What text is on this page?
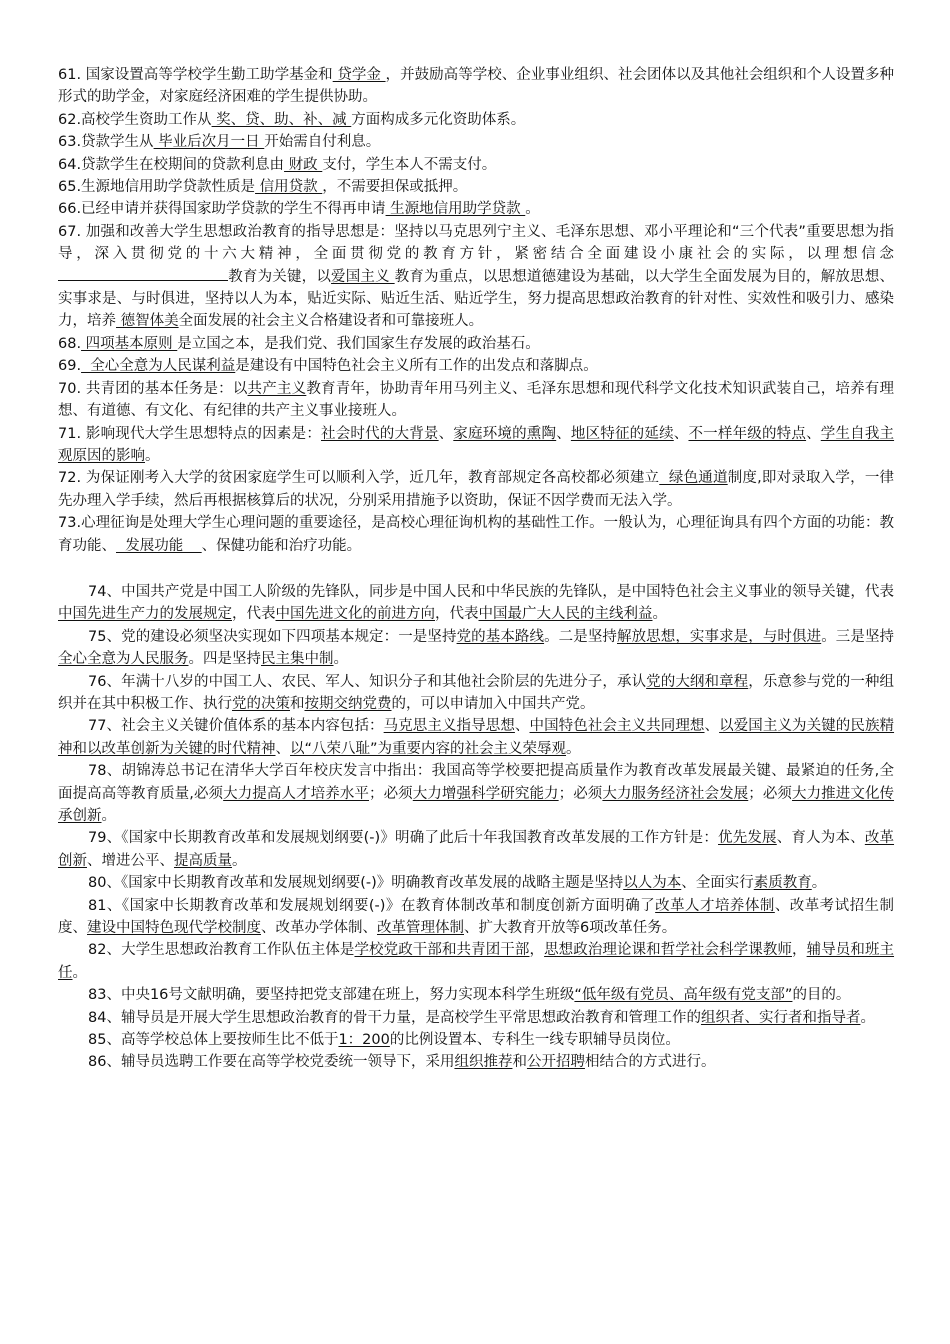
61. 国家设置高等学校学生勤工助学基金和 贷学金 ，并鼓励高等学校、企业事业组织、社会团体以及其他社会组织和个人设置多种形式的助学金，对家庭经济困难的学生提供协助。

62.高校学生资助工作从 奖、贷、助、补、减 方面构成多元化资助体系。

63.贷款学生从 毕业后次月一日 开始需自付利息。

64.贷款学生在校期间的贷款利息由 财政 支付，学生本人不需支付。

65.生源地信用助学贷款性质是 信用贷款 ，不需要担保或抵押。

66.已经申请并获得国家助学贷款的学生不得再申请 生源地信用助学贷款 。

67. 加强和改善大学生思想政治教育的指导思想是：坚持以马克思列宁主义、毛泽东思想、邓小平理论和“三个代表”重要思想为指导，深入贯彻党的十六大精神，全面贯彻党的教育方针，紧密结合全面建设小康社会的实际，以理想信念教育为关键，以爱国主义 教育为重点，以思想道德建设为基础，以大学生全面发展为目的，解放思想、实事求是、与时俱进，坚持以人为本，贴近实际、贴近生活、贴近学生，努力提高思想政治教育的针对性、实效性和吸引力、感染力，培养 德智体美全面发展的社会主义合格建设者和可靠接班人。

68. 四项基本原则 是立国之本，是我们党、我们国家生存发展的政治基石。

69.  全心全意为人民谋利益是建设有中国特色社会主义所有工作的出发点和落脚点。

70. 共青团的基本任务是：以共产主义教育青年，协助青年用马列主义、毛泽东思想和现代科学文化技术知识武装自己，培养有理想、有道德、有文化、有纪律的共产主义事业接班人。

71. 影响现代大学生思想特点的因素是：社会时代的大背景、家庭环境的熏陶、地区特征的延续、不一样年级的特点、学生自我主观原因的影响。

72. 为保证刚考入大学的贫困家庭学生可以顺利入学，近几年，教育部规定各高校都必须建立  绿色通道制度,即对录取入学，一律先办理入学手续，然后再根据核算后的状况，分别采用措施予以资助，保证不因学费而无法入学。

73.心理征询是处理大学生心理问题的重要途径，是高校心理征询机构的基础性工作。一般认为，心理征询具有四个方面的功能：教育功能、  发展功能    、保健功能和治疗功能。

74、中国共产党是中国工人阶级的先锋队，同步是中国人民和中华民族的先锋队，是中国特色社会主义事业的领导关键，代表中国先进生产力的发展规定，代表中国先进文化的前进方向，代表中国最广大人民的主线利益。

75、党的建设必须坚决实现如下四项基本规定：一是坚持党的基本路线。二是坚持解放思想，实事求是，与时俱进。三是坚持全心全意为人民服务。四是坚持民主集中制。

76、年满十八岁的中国工人、农民、军人、知识分子和其他社会阶层的先进分子，承认党的大纲和章程，乐意参与党的一种组织并在其中积极工作、执行党的决策和按期交纳党费的，可以申请加入中国共产党。

77、社会主义关键价值体系的基本内容包括：马克思主义指导思想、中国特色社会主义共同理想、以爱国主义为关键的民族精神和以改革创新为关键的时代精神、以“八荣八耻”为重要内容的社会主义荣辱观。

78、胡锦涛总书记在清华大学百年校庆发言中指出：我国高等学校要把提高质量作为教育改革发展最关键、最紧迫的任务,全面提高高等教育质量,必须大力提高人才培养水平；必须大力增强科学研究能力；必须大力服务经济社会发展；必须大力推进文化传承创新。

79、《国家中长期教育改革和发展规划纲要(-)》明确了此后十年我国教育改革发展的工作方针是：优先发展、育人为本、改革创新、增进公平、提高质量。

80、《国家中长期教育改革和发展规划纲要(-)》明确教育改革发展的战略主题是坚持以人为本、全面实行素质教育。

81、《国家中长期教育改革和发展规划纲要(-)》在教育体制改革和制度创新方面明确了改革人才培养体制、改革考试招生制度、建设中国特色现代学校制度、改革办学体制、改革管理体制、扩大教育开放等6项改革任务。

82、大学生思想政治教育工作队伍主体是学校党政干部和共青团干部，思想政治理论课和哲学社会科学课教师，辅导员和班主任。

83、中央16号文献明确，要坚持把党支部建在班上，努力实现本科学生班级“低年级有党员、高年级有党支部”的目的。

84、辅导员是开展大学生思想政治教育的骨干力量，是高校学生平常思想政治教育和管理工作的组织者、实行者和指导者。

85、高等学校总体上要按师生比不低于1：200的比例设置本、专科生一线专职辅导员岗位。

86、辅导员选聘工作要在高等学校党委统一领导下，采用组织推荐和公开招聘相结合的方式进行。
